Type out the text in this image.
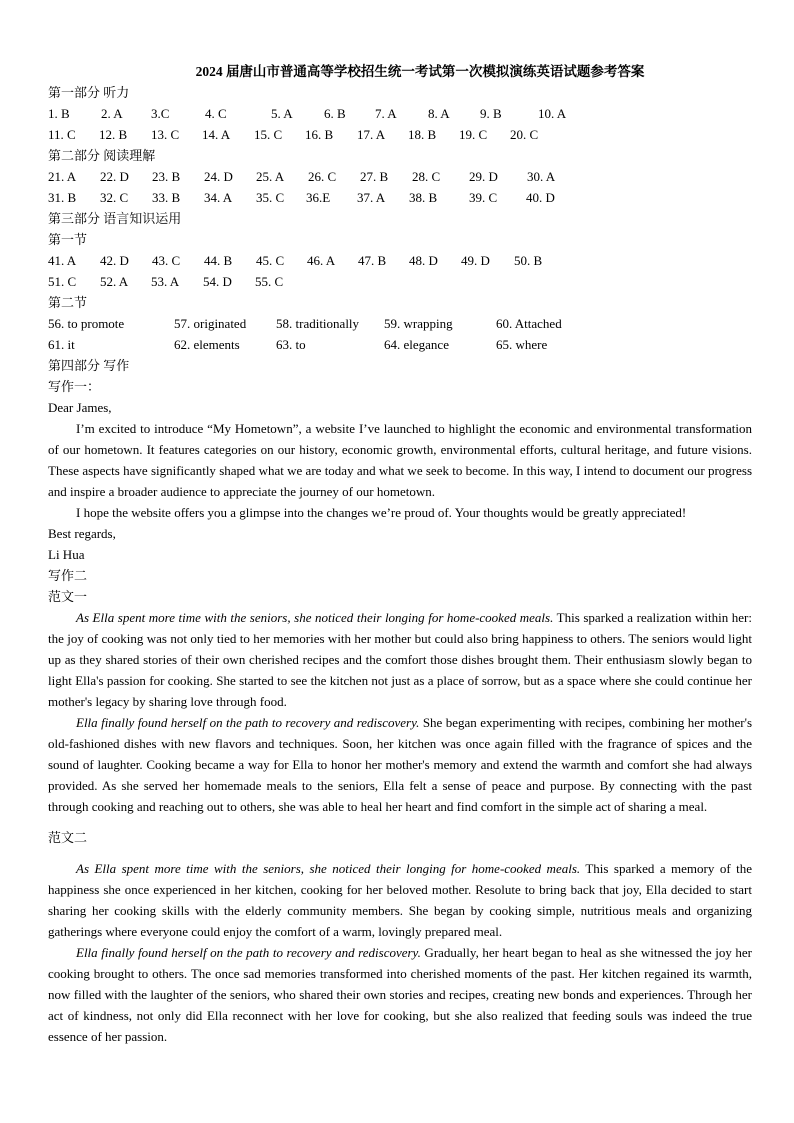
2024 届唐山市普通高等学校招生统一考试第一次模拟演练英语试题参考答案
第一部分 听力
1. B 2. A 3.C	4. C	5. A 6. B 7. A 8. A 9. B	10. A
11. C 12. B 13. C 14. A 15. C 16. B 17. A 18. B 19. C 20. C
第二部分 阅读理解
21. A 22. D 23. B 24. D 25. A 26. C 27. B 28. C 29. D 30. A
31. B 32. C 33. B 34. A 35. C 36.E 37. A 38. B 39. C 40. D
第三部分 语言知识运用
第一节
41. A 42. D 43. C 44. B 45. C 46. A 47. B 48. D 49. D 50. B
51. C 52. A 53. A 54. D 55. C
第二节
56. to promote	57. originated 58. traditionally 59. wrapping	60. Attached
61. it	62. elements	63. to	64. elegance	65. where
第四部分 写作
写作一：
Dear James,

I’m excited to introduce “My Hometown”, a website I’ve launched to highlight the economic and environmental transformation of our hometown. It features categories on our history, economic growth, environmental efforts, cultural heritage, and future visions. These aspects have significantly shaped what we are today and what we seek to become. In this way, I intend to document our progress and inspire a broader audience to appreciate the journey of our hometown.

I hope the website offers you a glimpse into the changes we’re proud of. Your thoughts would be greatly appreciated!

Best regards,
Li Hua
写作二
范文一

As Ella spent more time with the seniors, she noticed their longing for home-cooked meals. This sparked a realization within her: the joy of cooking was not only tied to her memories with her mother but could also bring happiness to others. The seniors would light up as they shared stories of their own cherished recipes and the comfort those dishes brought them. Their enthusiasm slowly began to light Ella's passion for cooking. She started to see the kitchen not just as a place of sorrow, but as a space where she could continue her mother's legacy by sharing love through food.

Ella finally found herself on the path to recovery and rediscovery. She began experimenting with recipes, combining her mother's old-fashioned dishes with new flavors and techniques. Soon, her kitchen was once again filled with the fragrance of spices and the sound of laughter. Cooking became a way for Ella to honor her mother's memory and extend the warmth and comfort she had always provided. As she served her homemade meals to the seniors, Ella felt a sense of peace and purpose. By connecting with the past through cooking and reaching out to others, she was able to heal her heart and find comfort in the simple act of sharing a meal.

范文二

As Ella spent more time with the seniors, she noticed their longing for home-cooked meals. This sparked a memory of the happiness she once experienced in her kitchen, cooking for her beloved mother. Resolute to bring back that joy, Ella decided to start sharing her cooking skills with the elderly community members. She began by cooking simple, nutritious meals and organizing gatherings where everyone could enjoy the comfort of a warm, lovingly prepared meal.

Ella finally found herself on the path to recovery and rediscovery. Gradually, her heart began to heal as she witnessed the joy her cooking brought to others. The once sad memories transformed into cherished moments of the past. Her kitchen regained its warmth, now filled with the laughter of the seniors, who shared their own stories and recipes, creating new bonds and experiences. Through her act of kindness, not only did Ella reconnect with her love for cooking, but she also realized that feeding souls was indeed the true essence of her passion.
